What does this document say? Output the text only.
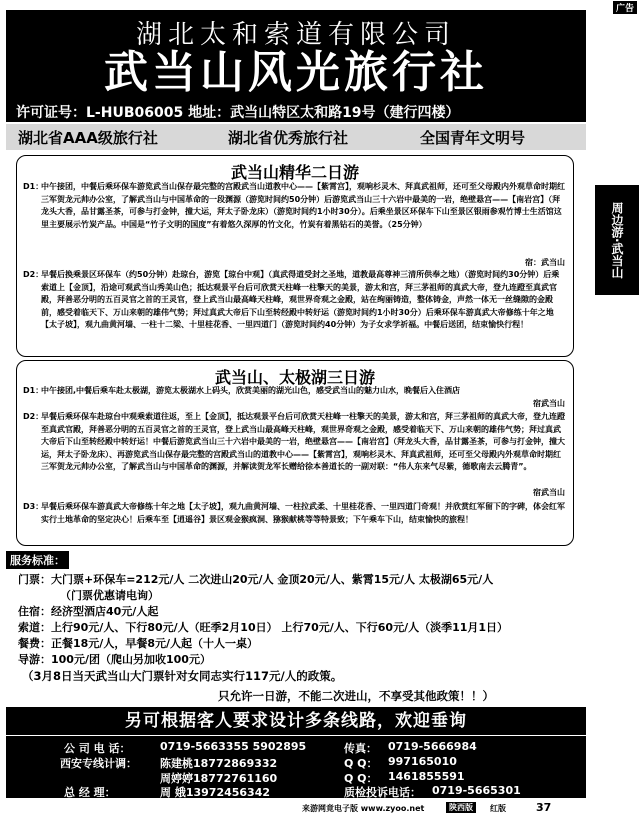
广告
湖北太和索道有限公司
武当山风光旅行社
许可证号：L-HUB06005 地址：武当山特区太和路19号（建行四楼）
湖北省AAA级旅行社	湖北省优秀旅行社	全国青年文明号
周边游·武当山
武当山精华二日游
D1：
中午接团，中餐后乘环保车游览武当山保存最完整的宫殿武当山道教中心——【紫霄宫】，观响杉灵木、拜真武祖师，还可至父母殿内外观草命时期红三军贺龙元帅办公室，了解武当山与中国革命的一段渊源（游览时间约50分钟）后游览武当山三十六岩中最美的一岩，绝壁悬宫——【南岩宫】（拜龙头大香，品甘露圣茶，可参与打金钟，撞大运，拜太子卧龙床）（游览时间约1小时30分）。后乘坐景区环保车下山至景区银雨参观竹博士生活馆这里主要展示竹炭产品。中国是“竹子文明的国度”有着悠久深厚的竹文化，竹炭有着黑钻石的美誉。（25分钟）
宿：武当山
D2：
早餐后换乘景区环保车（约50分钟）赴琼台，游览【琼台中观】（真武得道受封之圣地，道教最高尊神三清所供奉之地）（游览时间约30分钟）后乘索道上【金顶】，沿途可观武当山秀美山色；抵达观景平台后可欣赏天柱峰一柱擎天的美景，游太和宫，拜三茅祖师的真武大帝，登九连蹬至真武官殿，拜善恶分明的五百灵官之首的王灵官，登上武当山最高峰天柱峰，观世界奇观之金殿，站在绚丽铸造，整体铸金，声然一体无一丝缝隙的金殿前，感受着临天下、万山来朝的雄伟气势；拜过真武大帝后下山至转经殿中转好运（游览时间约1小时30分）后乘环保车游真武大帝修练十年之地【太子坡】，观九曲黄河墙、一柱十二梁、十里桂花香、一里四道门（游览时间约40分钟）为子女求学祈福。中餐后送团，结束愉快行程！
武当山、太极湖三日游
D1：
中午接团,中餐后乘车赴太极湖，游览太极湖水上码头，欣赏美丽的湖光山色，感受武当山的魅力山水，晚餐后入住酒店
宿武当山
D2：
早餐后乘环保车赴琼台中观乘索道往返，至上【金顶】，抵达观景平台后可欣赏天柱峰一柱擎天的美景，游太和宫，拜三茅祖师的真武大帝，登九连蹬至真武官殿，拜善恶分明的五百灵官之首的王灵官，登上武当山最高峰天柱峰，观世界奇观之金殿，感受着临天下、万山来朝的雄伟气势；拜过真武大帝后下山至转经殿中转好运！中餐后游览武当山三十六岩中最美的一岩，绝壁悬宫——【南岩宫】（拜龙头大香，品甘露圣茶，可参与打金钟，撞大运，拜太子卧龙床）、再游览武当山保存最完整的宫殿武当山的道教中心——【紫霄宫】，观响杉灵木、拜真武祖师，还可至父母殿内外观草命时期红三军贺龙元帅办公室，了解武当山与中国革命的渊源，并解读贺龙军长赠给徐本善道长的一副对联：“伟人东来气尽紫，德歌南去云腾青”。
宿武当山
D3：
早餐后乘环保车游真武大帝修练十年之地【太子坡】，观九曲黄河墙、一柱拉武柔、十里桂花香、一里四道门奇观！并欣赏红军留下的字碑，体会红军实行土地革命的坚定决心！后乘车至【逍遥谷】景区观金猴疯洞、猕猴献桃等等特景致；下午乘车下山，结束愉快的旅程！
服务标准：
门票：大门票+环保车=212元/人 二次进山20元/人 金顶20元/人、紫霄15元/人 太极湖65元/人
（门票优惠请电询）
住宿：经济型酒店40元/人起
索道：上行90元/人、下行80元/人（旺季2月10日） 上行70元/人、下行60元/人（淡季11月1日）
餐费：正餐18元/人，早餐8元/人起（十人一桌）
导游：100元/团（爬山另加收100元）
（3月8日当天武当山大门票针对女同志实行117元/人的政策。
只允许一日游，不能二次进山，不享受其他政策！！）
另可根据客人要求设计多条线路，欢迎垂询
公 司 电 话：	0719-5663355 5902895	传真： 0719-5666984
西安专线计调： 陈建桃18772869332	Q Q： 997165010
周婷婷18772761160	Q Q： 1461855591
总 经 理：	周 娥13972456342	质检投诉电话： 0719-5665301
来游网竟电子版 www.zyoo.net	陕西版	红版	37
